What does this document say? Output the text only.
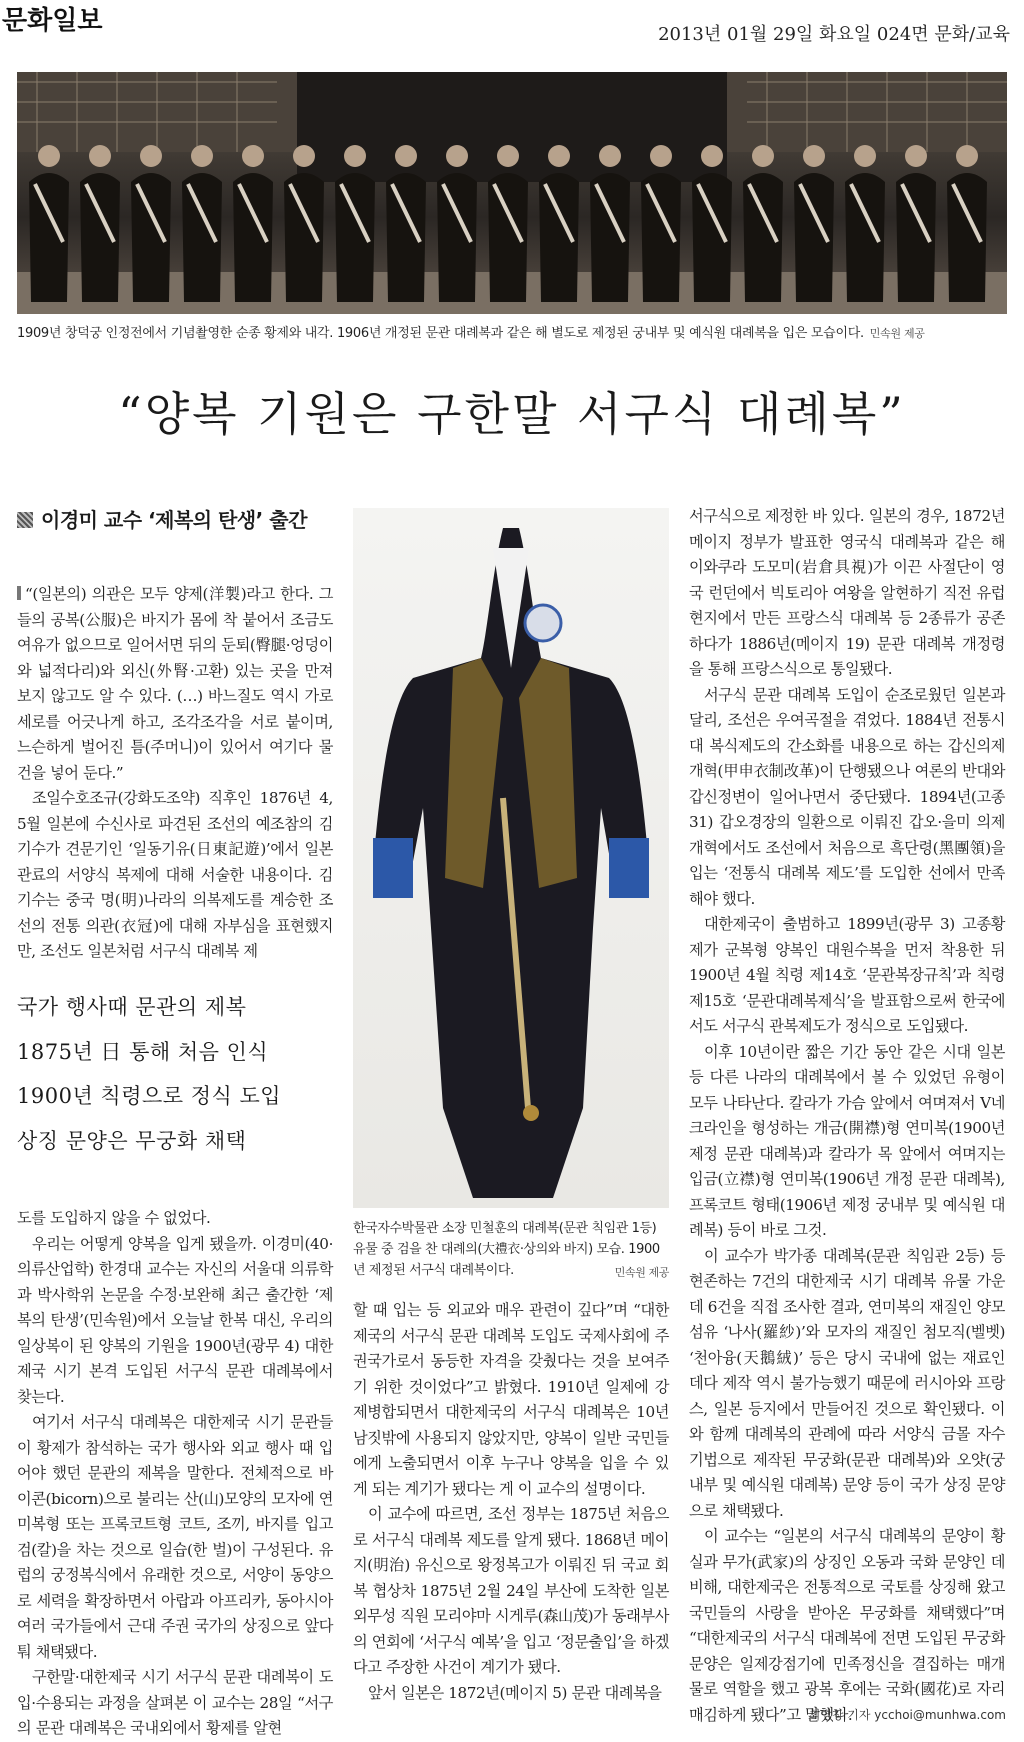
문화일보	2013년 01월 29일 화요일 024면 문화/교육
1909년 창덕궁 인정전에서 기념촬영한 순종 황제와 내각. 1906년 개정된 문관 대례복과 같은 해 별도로 제정된 궁내부 및 예식원 대례복을 입은 모습이다. 민속원 제공
“양복 기원은 구한말 서구식 대례복”
이경미 교수 ‘제복의 탄생’ 출간

“(일본의) 의관은 모두 양제(洋製)라고 한다. 그들의 공복(公服)은 바지가 몸에 착 붙어서 조금도 여유가 없으므로 일어서면 뒤의 둔퇴(臀腿·엉덩이와 넓적다리)와 외신(外腎·고환) 있는 곳을 만져 보지 않고도 알 수 있다. (…) 바느질도 역시 가로세로를 어긋나게 하고, 조각조각을 서로 붙이며, 느슨하게 벌어진 틈(주머니)이 있어서 여기다 물건을 넣어 둔다.”

조일수호조규(강화도조약) 직후인 1876년 4, 5월 일본에 수신사로 파견된 조선의 예조참의 김기수가 견문기인 ‘일동기유(日東記遊)’에서 일본 관료의 서양식 복제에 대해 서술한 내용이다. 김기수는 중국 명(明)나라의 의복제도를 계승한 조선의 전통 의관(衣冠)에 대해 자부심을 표현했지만, 조선도 일본처럼 서구식 대례복 제

국가 행사때 문관의 제복
1875년 日 통해 처음 인식
1900년 칙령으로 정식 도입
상징 문양은 무궁화 채택

도를 도입하지 않을 수 없었다.

우리는 어떻게 양복을 입게 됐을까. 이경미(40·의류산업학) 한경대 교수는 자신의 서울대 의류학과 박사학위 논문을 수정·보완해 최근 출간한 ‘제복의 탄생’(민속원)에서 오늘날 한복 대신, 우리의 일상복이 된 양복의 기원을 1900년(광무 4) 대한제국 시기 본격 도입된 서구식 문관 대례복에서 찾는다.

여기서 서구식 대례복은 대한제국 시기 문관들이 황제가 참석하는 국가 행사와 외교 행사 때 입어야 했던 문관의 제복을 말한다. 전체적으로 바이콘(bicorn)으로 불리는 산(山)모양의 모자에 연미복형 또는 프록코트형 코트, 조끼, 바지를 입고 검(칼)을 차는 것으로 일습(한 벌)이 구성된다. 유럽의 궁정복식에서 유래한 것으로, 서양이 동양으로 세력을 확장하면서 아랍과 아프리카, 동아시아 여러 국가들에서 근대 주권 국가의 상징으로 앞다퉈 채택됐다.

구한말·대한제국 시기 서구식 문관 대례복이 도입·수용되는 과정을 살펴본 이 교수는 28일 “서구의 문관 대례복은 국내외에서 황제를 알현

한국자수박물관 소장 민철훈의 대례복(문관 칙임관 1등) 유물 중 검을 찬 대례의(大禮衣·상의와 바지) 모습. 1900년 제정된 서구식 대례복이다.	민속원 제공

할 때 입는 등 외교와 매우 관련이 깊다”며 “대한제국의 서구식 문관 대례복 도입도 국제사회에 주권국가로서 동등한 자격을 갖췄다는 것을 보여주기 위한 것이었다”고 밝혔다. 1910년 일제에 강제병합되면서 대한제국의 서구식 대례복은 10년 남짓밖에 사용되지 않았지만, 양복이 일반 국민들에게 노출되면서 이후 누구나 양복을 입을 수 있게 되는 계기가 됐다는 게 이 교수의 설명이다.

이 교수에 따르면, 조선 정부는 1875년 처음으로 서구식 대례복 제도를 알게 됐다. 1868년 메이지(明治) 유신으로 왕정복고가 이뤄진 뒤 국교 회복 협상차 1875년 2월 24일 부산에 도착한 일본 외무성 직원 모리야마 시게루(森山茂)가 동래부사의 연회에 ‘서구식 예복’을 입고 ‘정문출입’을 하겠다고 주장한 사건이 계기가 됐다.

앞서 일본은 1872년(메이지 5) 문관 대례복을

서구식으로 제정한 바 있다. 일본의 경우, 1872년 메이지 정부가 발표한 영국식 대례복과 같은 해 이와쿠라 도모미(岩倉具視)가 이끈 사절단이 영국 런던에서 빅토리아 여왕을 알현하기 직전 유럽 현지에서 만든 프랑스식 대례복 등 2종류가 공존하다가 1886년(메이지 19) 문관 대례복 개정령을 통해 프랑스식으로 통일됐다.

서구식 문관 대례복 도입이 순조로웠던 일본과 달리, 조선은 우여곡절을 겪었다. 1884년 전통시대 복식제도의 간소화를 내용으로 하는 갑신의제개혁(甲申衣制改革)이 단행됐으나 여론의 반대와 갑신정변이 일어나면서 중단됐다. 1894년(고종 31) 갑오경장의 일환으로 이뤄진 갑오·을미 의제개혁에서도 조선에서 처음으로 흑단령(黑團領)을 입는 ‘전통식 대례복 제도’를 도입한 선에서 만족해야 했다.

대한제국이 출범하고 1899년(광무 3) 고종황제가 군복형 양복인 대원수복을 먼저 착용한 뒤 1900년 4월 칙령 제14호 ‘문관복장규칙’과 칙령 제15호 ‘문관대례복제식’을 발표함으로써 한국에서도 서구식 관복제도가 정식으로 도입됐다.

이후 10년이란 짧은 기간 동안 같은 시대 일본 등 다른 나라의 대례복에서 볼 수 있었던 유형이 모두 나타난다. 칼라가 가슴 앞에서 여며져서 V네크라인을 형성하는 개금(開襟)형 연미복(1900년 제정 문관 대례복)과 칼라가 목 앞에서 여며지는 입금(立襟)형 연미복(1906년 개정 문관 대례복), 프록코트 형태(1906년 제정 궁내부 및 예식원 대례복) 등이 바로 그것.

이 교수가 박가종 대례복(문관 칙임관 2등) 등 현존하는 7건의 대한제국 시기 대례복 유물 가운데 6건을 직접 조사한 결과, 연미복의 재질인 양모섬유 ‘나사(羅紗)’와 모자의 재질인 첨모직(벨벳) ‘천아융(天鵝絨)’ 등은 당시 국내에 없는 재료인 데다 제작 역시 불가능했기 때문에 러시아와 프랑스, 일본 등지에서 만들어진 것으로 확인됐다. 이와 함께 대례복의 관례에 따라 서양식 금몰 자수 기법으로 제작된 무궁화(문관 대례복)와 오얏(궁내부 및 예식원 대례복) 문양 등이 국가 상징 문양으로 채택됐다.

이 교수는 “일본의 서구식 대례복의 문양이 황실과 무가(武家)의 상징인 오동과 국화 문양인 데 비해, 대한제국은 전통적으로 국토를 상징해 왔고 국민들의 사랑을 받아온 무궁화를 채택했다”며 “대한제국의 서구식 대례복에 전면 도입된 무궁화 문양은 일제강점기에 민족정신을 결집하는 매개물로 역할을 했고 광복 후에는 국화(國花)로 자리매김하게 됐다”고 말했다.

최영창 기자 ycchoi@munhwa.com
